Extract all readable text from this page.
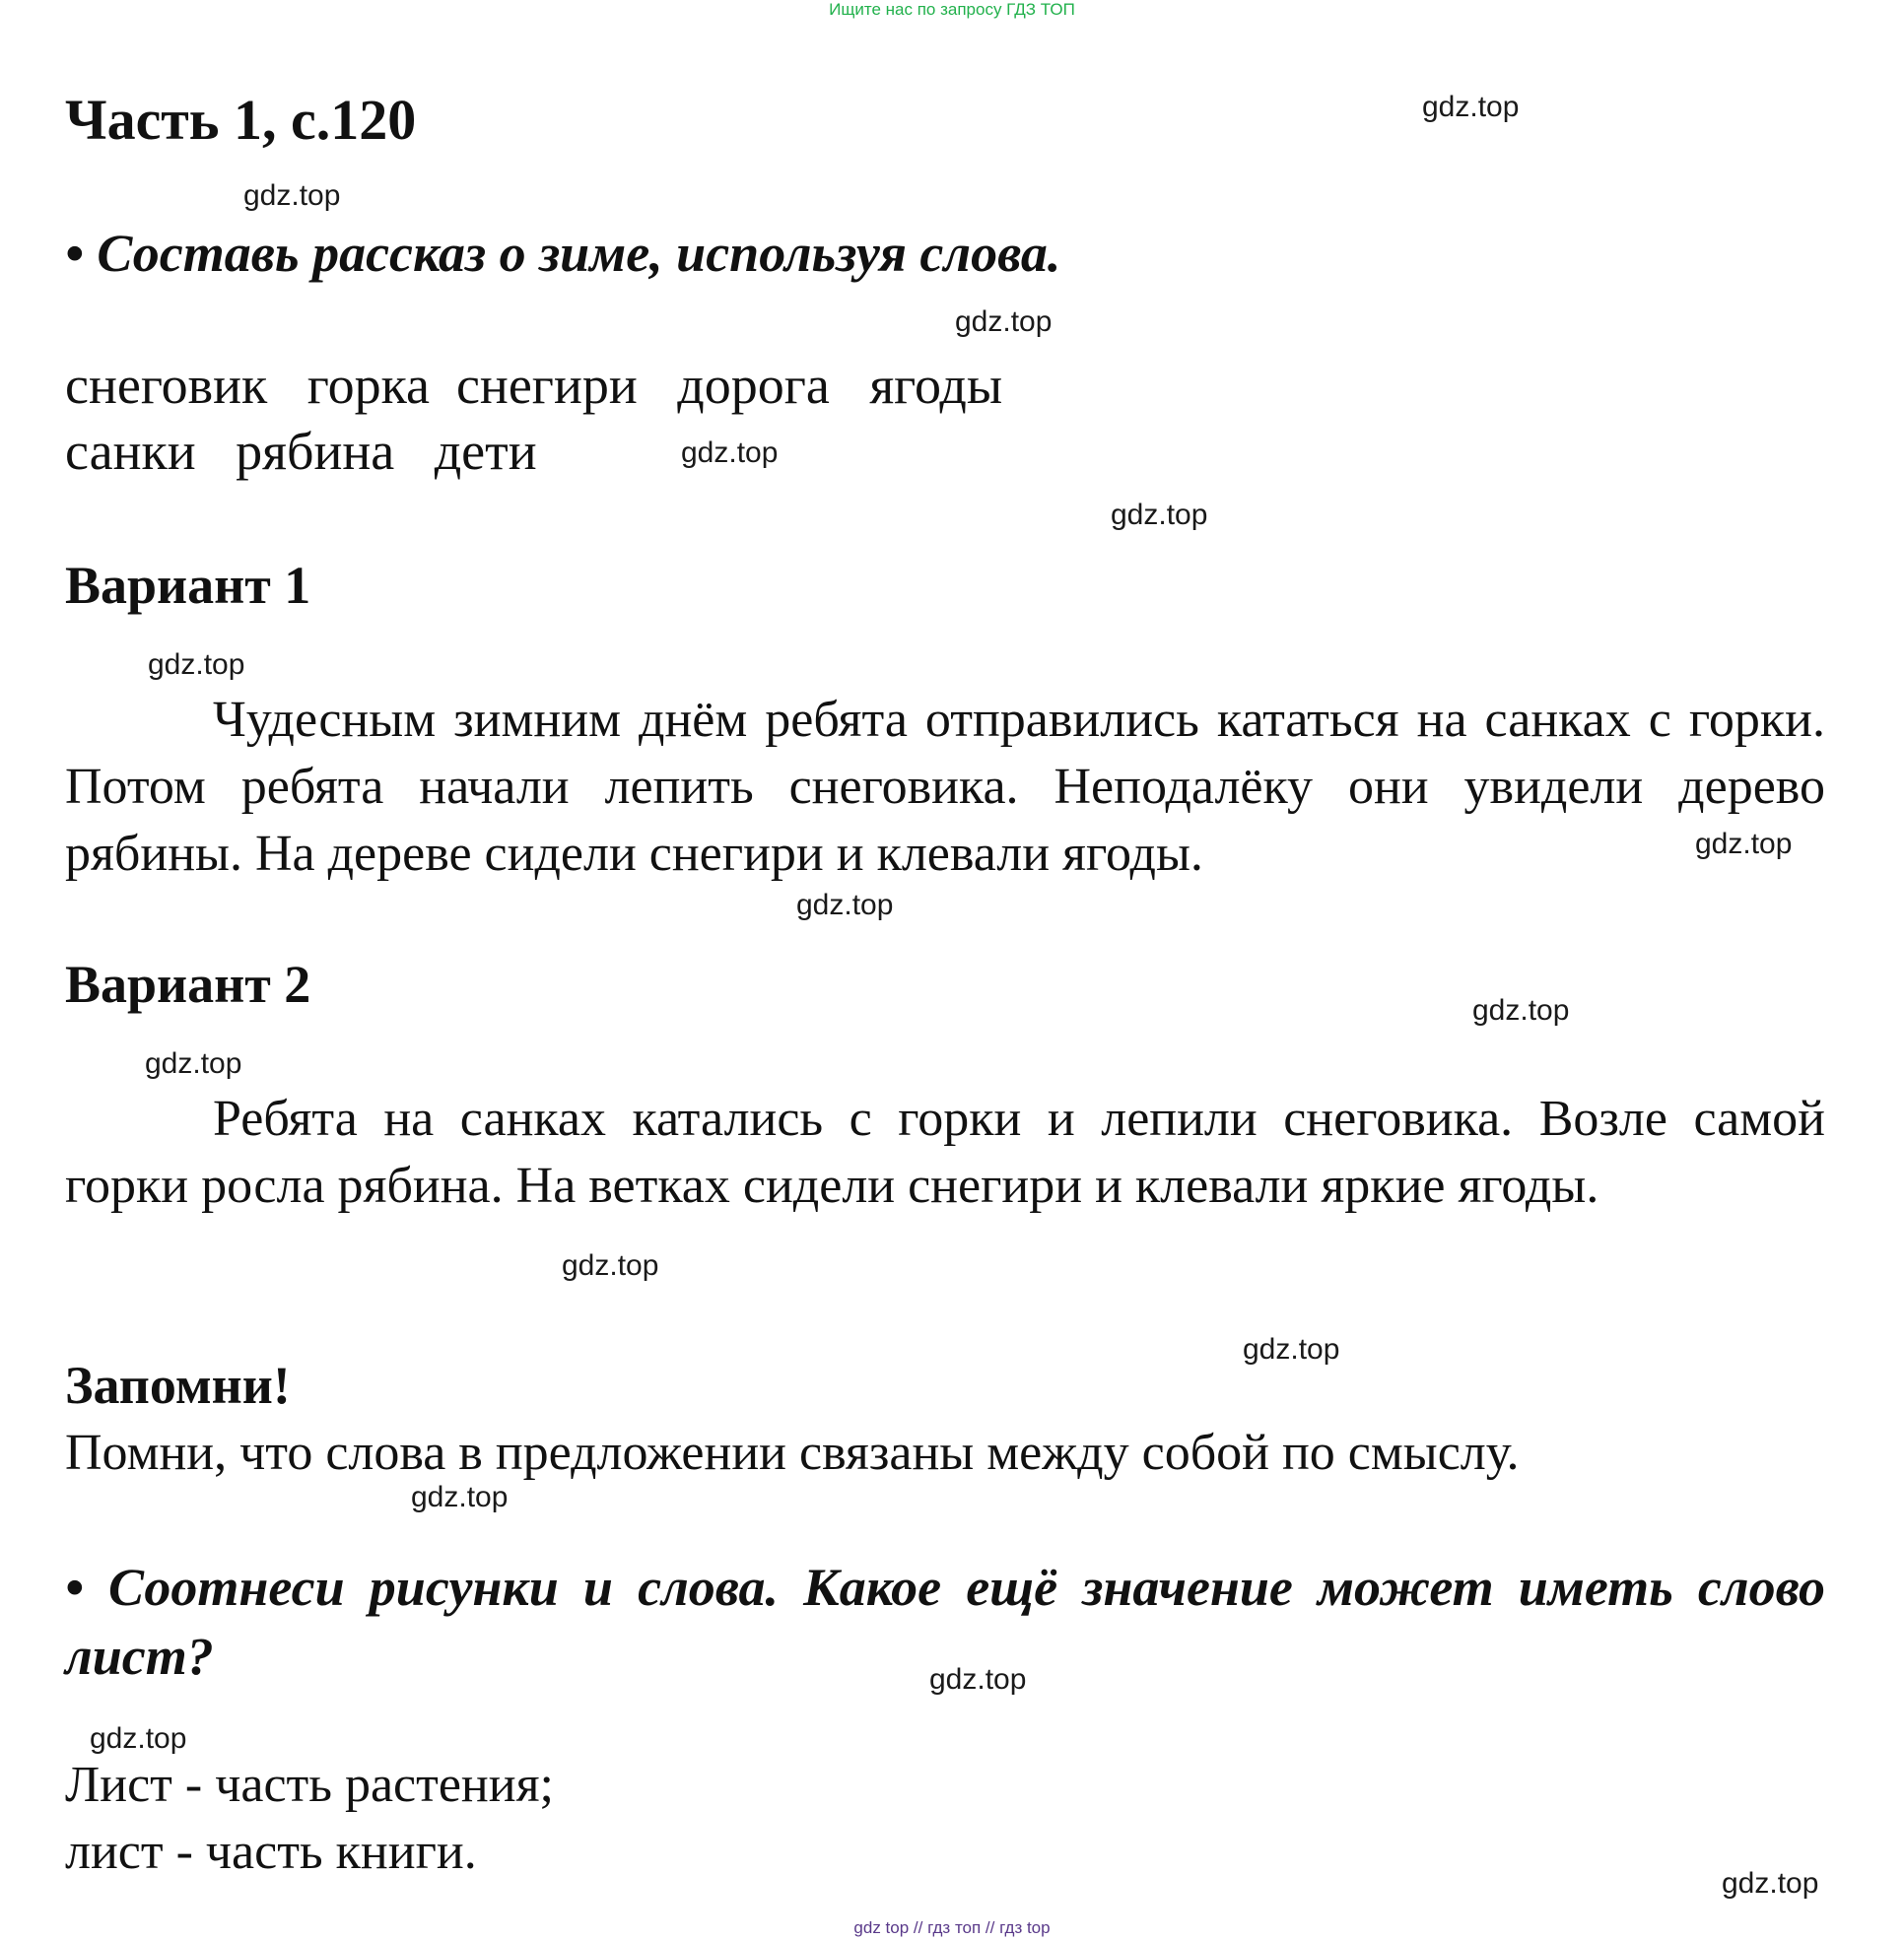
Ищите нас по запросу ГДЗ ТОП
gdz.top
gdz.top
gdz.top
gdz.top
gdz.top
gdz.top
gdz.top
gdz.top
gdz.top
gdz.top
gdz.top
gdz.top
gdz.top
gdz.top
gdz.top
gdz.top
Часть 1, с.120
• Составь рассказ о зиме, используя слова.
снеговик   горка  снегири   дорога   ягоды
санки   рябина   дети
Вариант 1
Чудесным зимним днём ребята отправились кататься на санках с горки. Потом ребята начали лепить снеговика. Неподалёку они увидели дерево рябины. На дереве сидели снегири и клевали ягоды.
Вариант 2
Ребята на санках катались с горки и лепили снеговика. Возле самой горки росла рябина. На ветках сидели снегири и клевали яркие ягоды.
Запомни!
Помни, что слова в предложении связаны между собой по смыслу.
• Соотнеси рисунки и слова. Какое ещё значение может иметь слово лист?
Лист - часть растения;
лист - часть книги.
gdz top // гдз топ // гдз top
